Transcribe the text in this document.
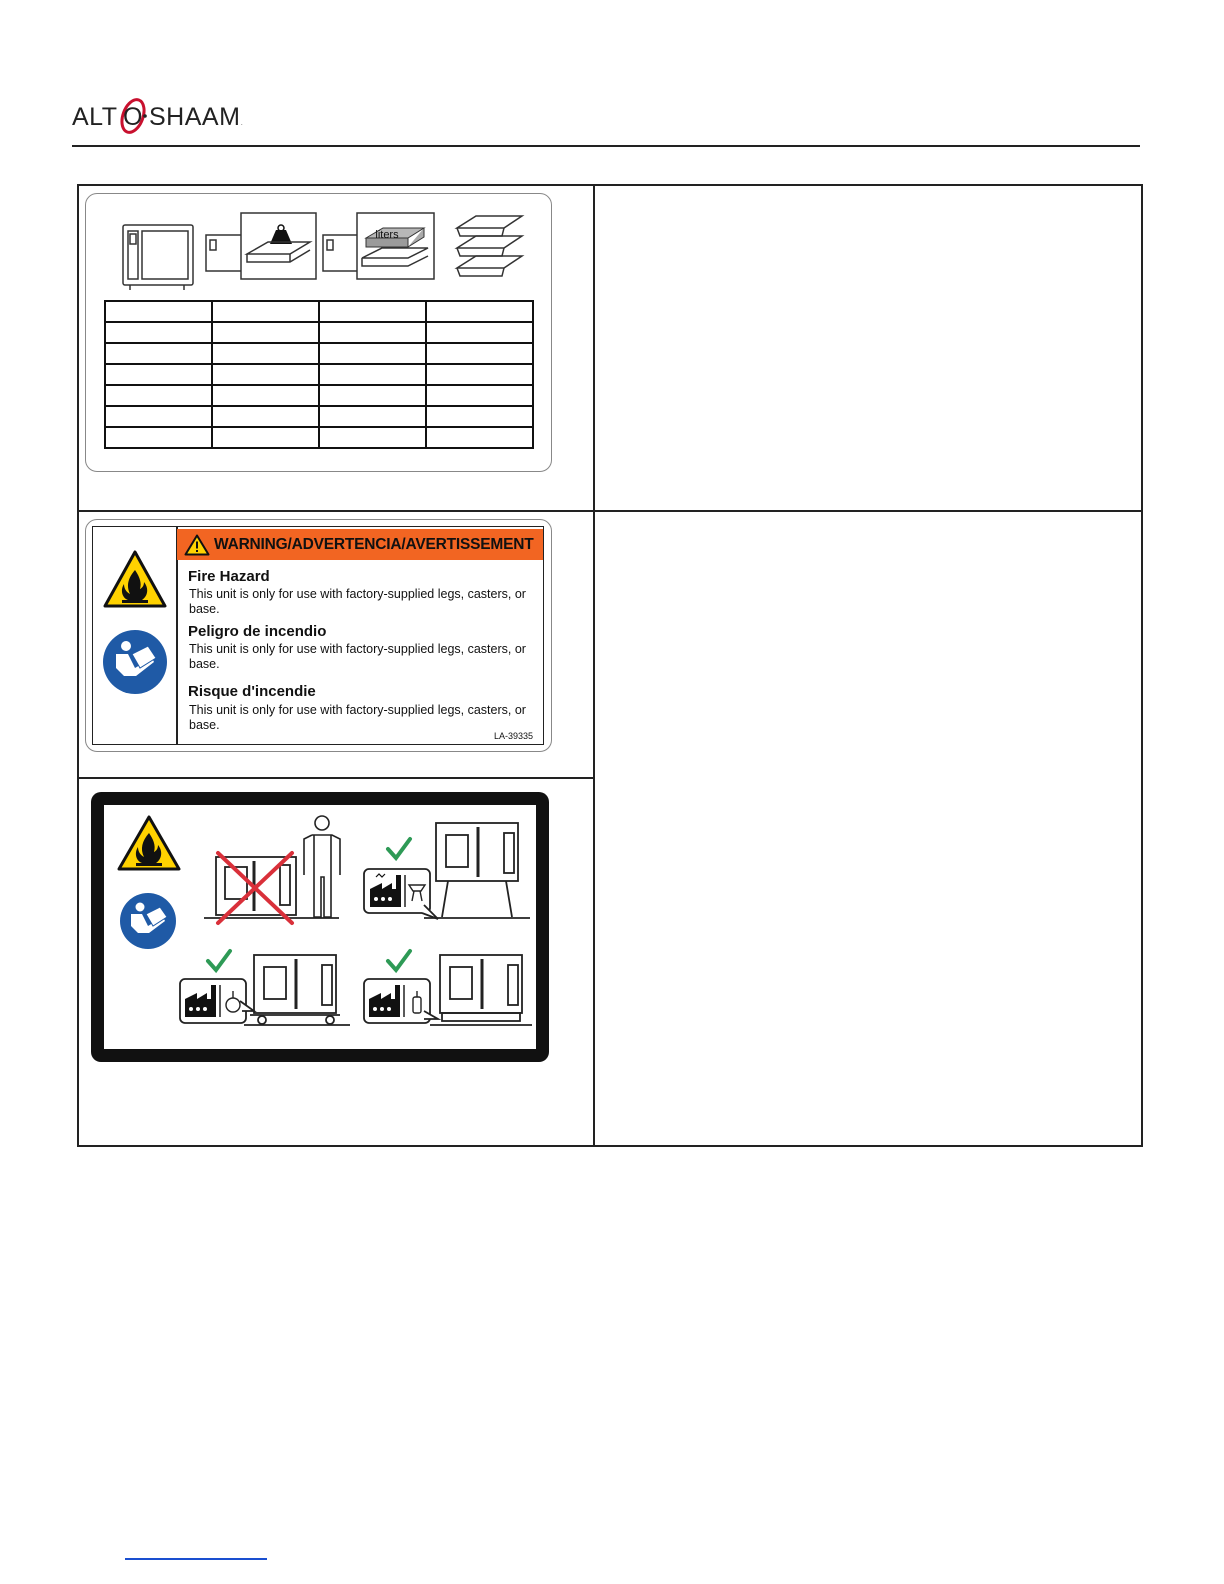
ALT O SHAAM .
liters

WARNING/ADVERTENCIA/AVERTISSEMENT
Fire Hazard
This unit is only for use with factory-supplied legs, casters, or base.
Peligro de incendio
This unit is only for use with factory-supplied legs, casters, or base.
Risque d'incendie
This unit is only for use with factory-supplied legs, casters, or base.
LA-39335
